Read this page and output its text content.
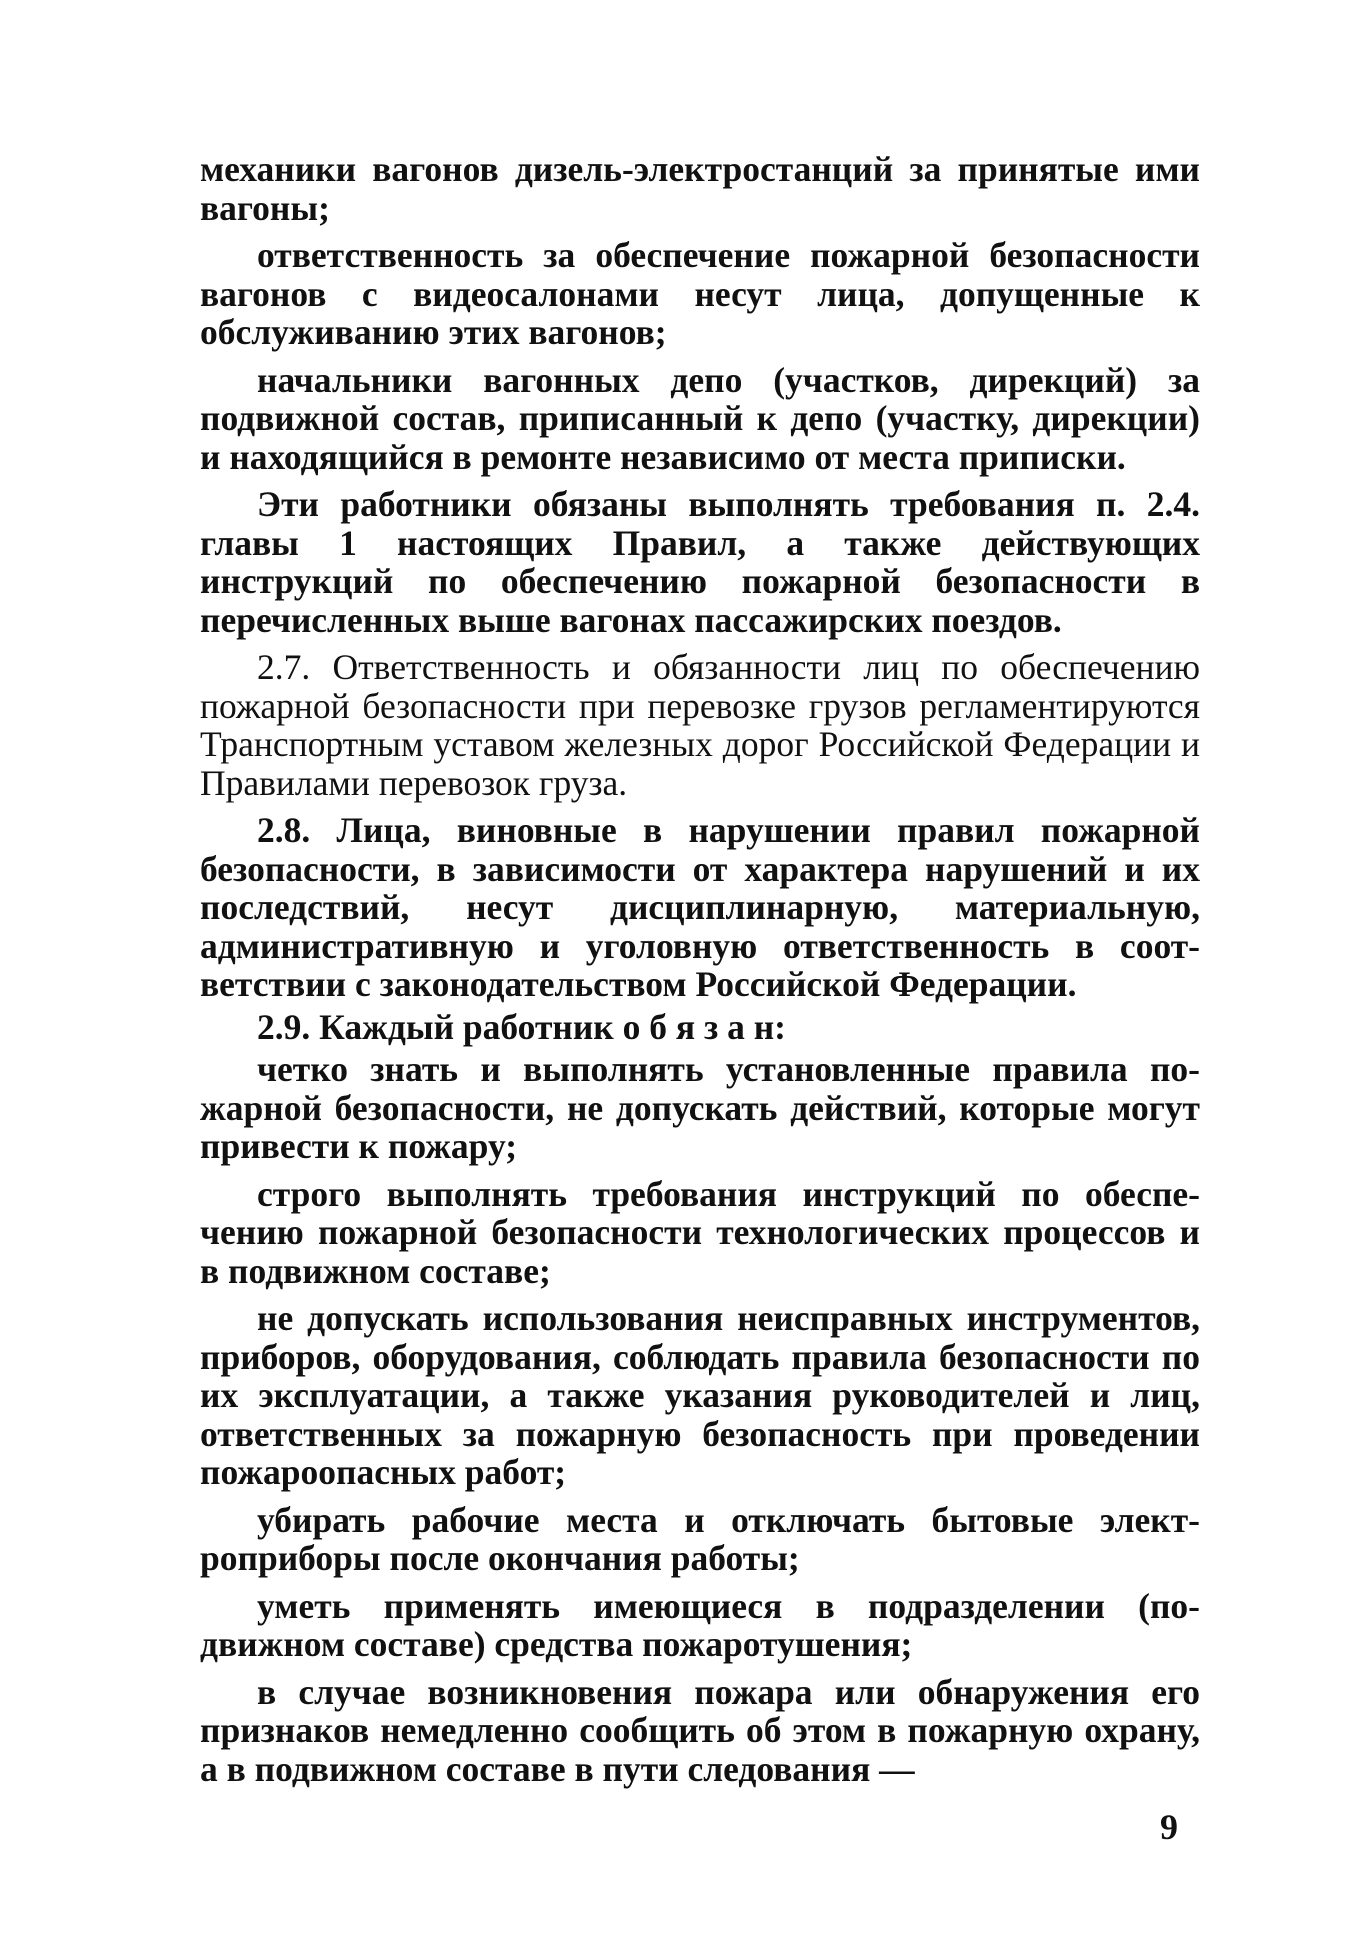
механики вагонов дизель-электростанций за принятые ими вагоны;

ответственность за обеспечение пожарной безопасности вагонов с видеосалонами несут лица, допущенные к обслуживанию этих вагонов;

начальники вагонных депо (участков, дирекций) за подвижной состав, приписанный к депо (участку, дирекции) и находящийся в ремонте независимо от места приписки.

Эти работники обязаны выполнять требования п. 2.4. главы 1 настоящих Правил, а также действующих инструкций по обеспечению пожарной безопасности в перечисленных выше вагонах пассажирских поездов.

2.7. Ответственность и обязанности лиц по обеспечению пожарной безопасности при перевозке грузов регламентируются Транспортным уставом железных дорог Российской Федерации и Правилами перевозок груза.

2.8. Лица, виновные в нарушении правил пожарной безопасности, в зависимости от характера нарушений и их последствий, несут дисциплинарную, материальную, административную и уголовную ответственность в соответствии с законодательством Российской Федерации.

2.9. Каждый работник о б я з а н:

четко знать и выполнять установленные правила пожарной безопасности, не допускать действий, которые могут привести к пожару;

строго выполнять требования инструкций по обеспечению пожарной безопасности технологических процессов и в подвижном составе;

не допускать использования неисправных инструментов, приборов, оборудования, соблюдать правила безопасности по их эксплуатации, а также указания руководителей и лиц, ответственных за пожарную безопасность при проведении пожароопасных работ;

убирать рабочие места и отключать бытовые электроприборы после окончания работы;

уметь применять имеющиеся в подразделении (подвижном составе) средства пожаротушения;

в случае возникновения пожара или обнаружения его признаков немедленно сообщить об этом в пожарную охрану, а в подвижном составе в пути следования —

9
